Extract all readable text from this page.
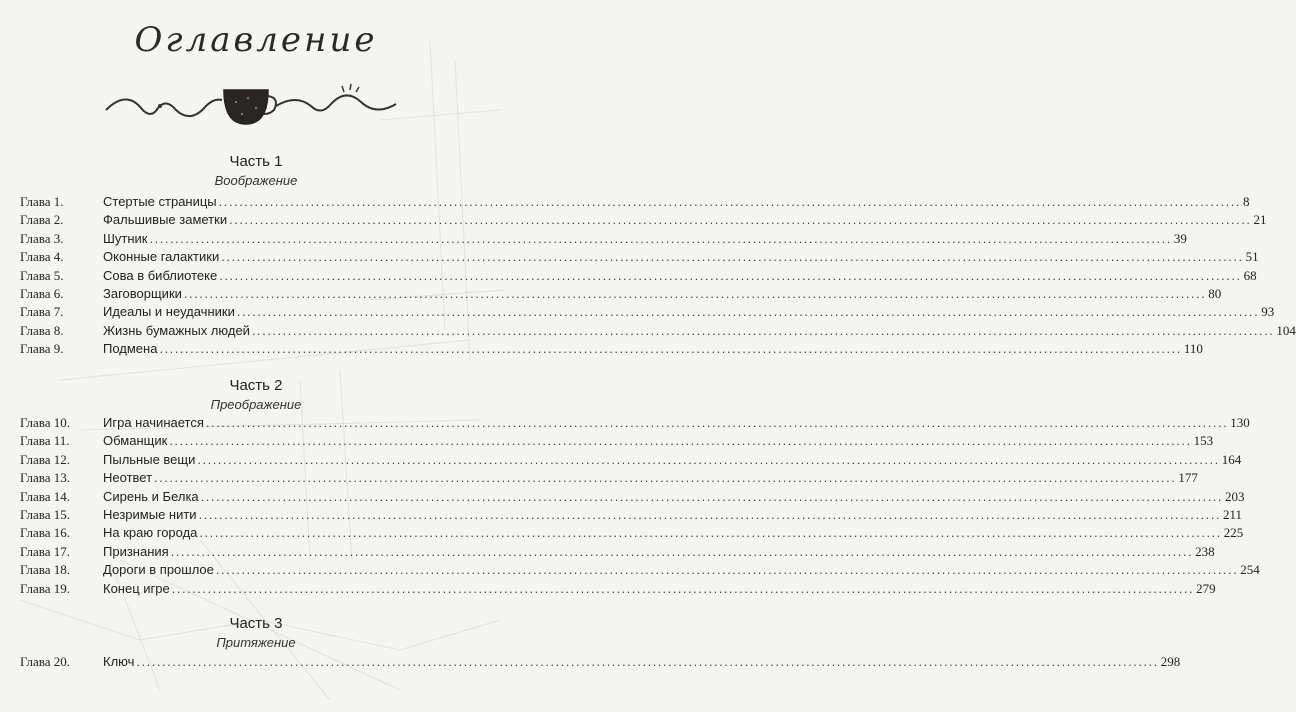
Оглавление
Часть 1
Воображение
Глава 1.	Стертые страницы ........................................................................................................................................................................................................ 8
Глава 2.	Фальшивые заметки ........................................................................................................................................................................................................ 21
Глава 3.	Шутник ........................................................................................................................................................................................................ 39
Глава 4.	Оконные галактики ........................................................................................................................................................................................................ 51
Глава 5.	Сова в библиотеке ........................................................................................................................................................................................................ 68
Глава 6.	Заговорщики ........................................................................................................................................................................................................ 80
Глава 7.	Идеалы и неудачники ........................................................................................................................................................................................................ 93
Глава 8.	Жизнь бумажных людей ........................................................................................................................................................................................................ 104
Глава 9.	Подмена ........................................................................................................................................................................................................ 110
Часть 2
Преображение
Глава 10.	Игра начинается ........................................................................................................................................................................................................ 130
Глава 11.	Обманщик ........................................................................................................................................................................................................ 153
Глава 12.	Пыльные вещи ........................................................................................................................................................................................................ 164
Глава 13.	Неответ ........................................................................................................................................................................................................ 177
Глава 14.	Сирень и Белка ........................................................................................................................................................................................................ 203
Глава 15.	Незримые нити ........................................................................................................................................................................................................ 211
Глава 16.	На краю города ........................................................................................................................................................................................................ 225
Глава 17.	Признания ........................................................................................................................................................................................................ 238
Глава 18.	Дороги в прошлое ........................................................................................................................................................................................................ 254
Глава 19.	Конец игре ........................................................................................................................................................................................................ 279
Часть 3
Притяжение
Глава 20.	Ключ ........................................................................................................................................................................................................ 298
